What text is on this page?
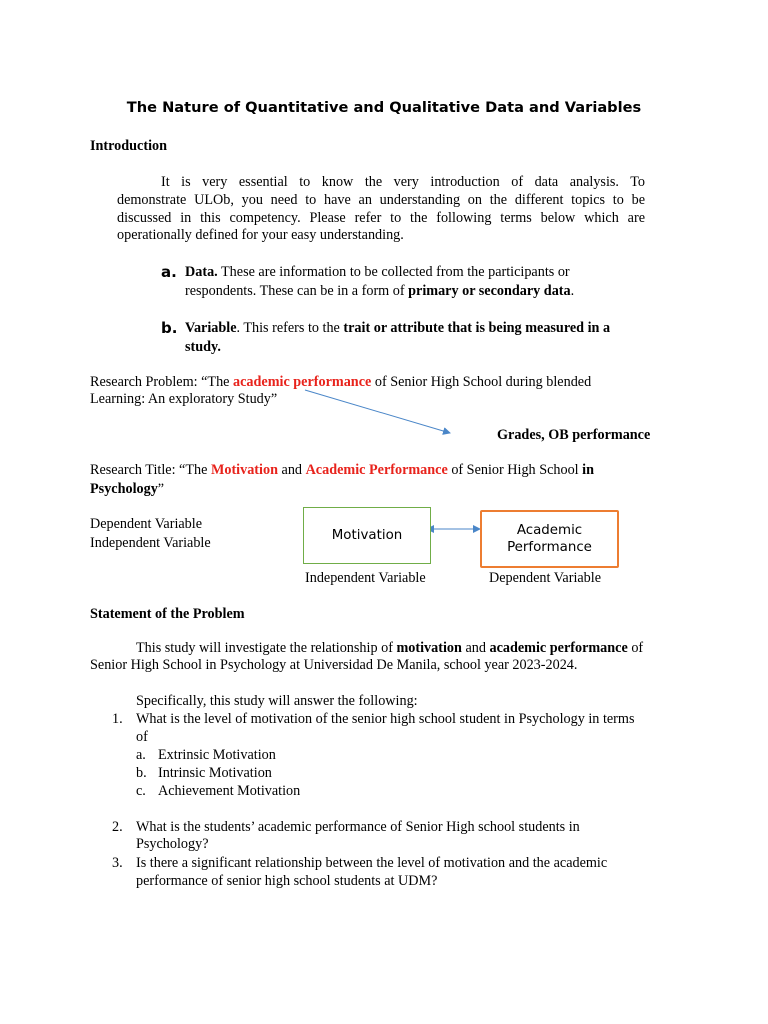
The Nature of Quantitative and Qualitative Data and Variables
Introduction
It is very essential to know the very introduction of data analysis. To
demonstrate ULOb, you need to have an understanding on the different topics to be
discussed in this competency. Please refer to the following terms below which are
operationally defined for your easy understanding.
a. Data. These are information to be collected from the participants or
respondents. These can be in a form of primary or secondary data.
b. Variable. This refers to the trait or attribute that is being measured in a
study.
Research Problem: “The academic performance of Senior High School during blended
Learning: An exploratory Study”
Grades, OB performance
Research Title: “The Motivation and Academic Performance of Senior High School in
Psychology”
Dependent Variable
Independent Variable	Motivation	Academic
Performance
Independent Variable	Dependent Variable
Statement of the Problem
This study will investigate the relationship of motivation and academic performance of
Senior High School in Psychology at Universidad De Manila, school year 2023-2024.
Specifically, this study will answer the following:
1. What is the level of motivation of the senior high school student in Psychology in terms
of
a. Extrinsic Motivation
b. Intrinsic Motivation
c. Achievement Motivation
2. What is the students’ academic performance of Senior High school students in
Psychology?
3. Is there a significant relationship between the level of motivation and the academic
performance of senior high school students at UDM?
